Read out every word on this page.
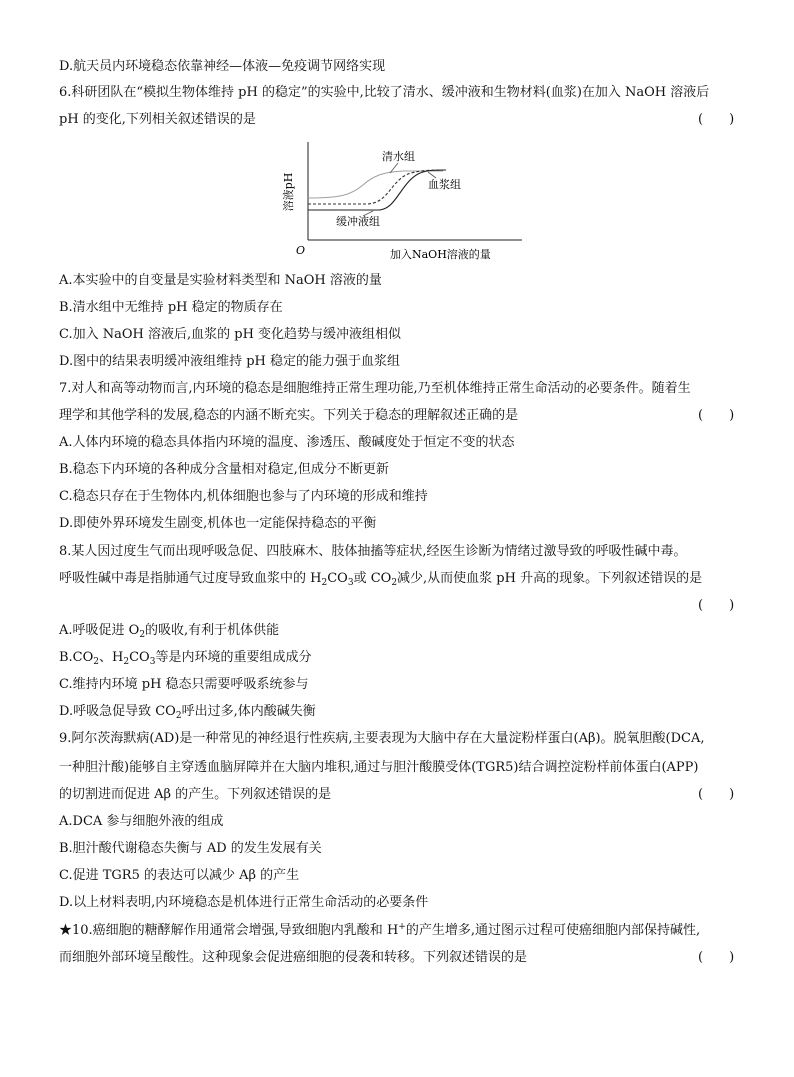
D.航天员内环境稳态依靠神经—体液—免疫调节网络实现
6.科研团队在“模拟生物体维持 pH 的稳定”的实验中,比较了清水、缓冲液和生物材料(血浆)在加入 NaOH 溶液后
pH 的变化,下列相关叙述错误的是	(　　)
溶液pH
加入NaOH溶液的量
O
清水组
血浆组
缓冲液组
A.本实验中的自变量是实验材料类型和 NaOH 溶液的量
B.清水组中无维持 pH 稳定的物质存在
C.加入 NaOH 溶液后,血浆的 pH 变化趋势与缓冲液组相似
D.图中的结果表明缓冲液组维持 pH 稳定的能力强于血浆组
7.对人和高等动物而言,内环境的稳态是细胞维持正常生理功能,乃至机体维持正常生命活动的必要条件。随着生
理学和其他学科的发展,稳态的内涵不断充实。下列关于稳态的理解叙述正确的是	(　　)
A.人体内环境的稳态具体指内环境的温度、渗透压、酸碱度处于恒定不变的状态
B.稳态下内环境的各种成分含量相对稳定,但成分不断更新
C.稳态只存在于生物体内,机体细胞也参与了内环境的形成和维持
D.即使外界环境发生剧变,机体也一定能保持稳态的平衡
8.某人因过度生气而出现呼吸急促、四肢麻木、肢体抽搐等症状,经医生诊断为情绪过激导致的呼吸性碱中毒。
呼吸性碱中毒是指肺通气过度导致血浆中的 $H_2CO_3$或 $CO_2$减少,从而使血浆 pH 升高的现象。下列叙述错误的是
(　　)
A.呼吸促进 $O_2$的吸收,有利于机体供能
$B.CO_2$、$H_2CO_3$等是内环境的重要组成成分
C.维持内环境 pH 稳态只需要呼吸系统参与
D.呼吸急促导致 $CO_2$呼出过多,体内酸碱失衡
9.阿尔茨海默病(AD)是一种常见的神经退行性疾病,主要表现为大脑中存在大量淀粉样蛋白(Aβ)。脱氧胆酸(DCA,
一种胆汁酸)能够自主穿透血脑屏障并在大脑内堆积,通过与胆汁酸膜受体(TGR5)结合调控淀粉样前体蛋白(APP)
的切割进而促进 Aβ 的产生。下列叙述错误的是	(　　)
A.DCA 参与细胞外液的组成
B.胆汁酸代谢稳态失衡与 AD 的发生发展有关
C.促进 TGR5 的表达可以减少 Aβ 的产生
D.以上材料表明,内环境稳态是机体进行正常生命活动的必要条件
★10.癌细胞的糖酵解作用通常会增强,导致细胞内乳酸和 H+的产生增多,通过图示过程可使癌细胞内部保持碱性,
而细胞外部环境呈酸性。这种现象会促进癌细胞的侵袭和转移。下列叙述错误的是	(　　)
